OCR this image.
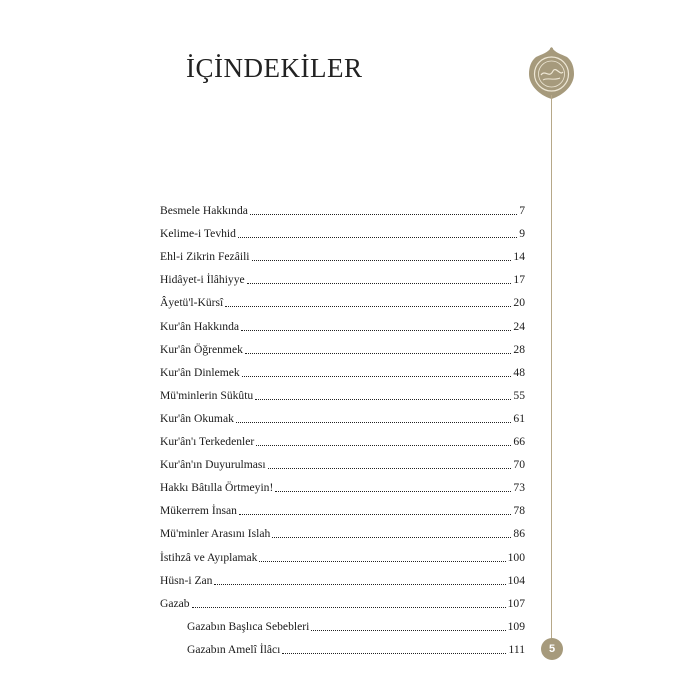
İÇİNDEKİLER
Besmele Hakkında	7
Kelime-i Tevhid	9
Ehl-i Zikrin Fezâili	14
Hidâyet-i İlâhiyye	17
Âyetü'l-Kürsî	20
Kur'ân Hakkında	24
Kur'ân Öğrenmek	28
Kur'ân Dinlemek	48
Mü'minlerin Sükûtu	55
Kur'ân Okumak	61
Kur'ân'ı Terkedenler	66
Kur'ân'ın Duyurulması	70
Hakkı Bâtılla Örtmeyin!	73
Mükerrem İnsan	78
Mü'minler Arasını Islah	86
İstihzâ ve Ayıplamak	100
Hüsn-i Zan	104
Gazab	107
Gazabın Başlıca Sebebleri	109
Gazabın Amelî İlâcı	111	5
